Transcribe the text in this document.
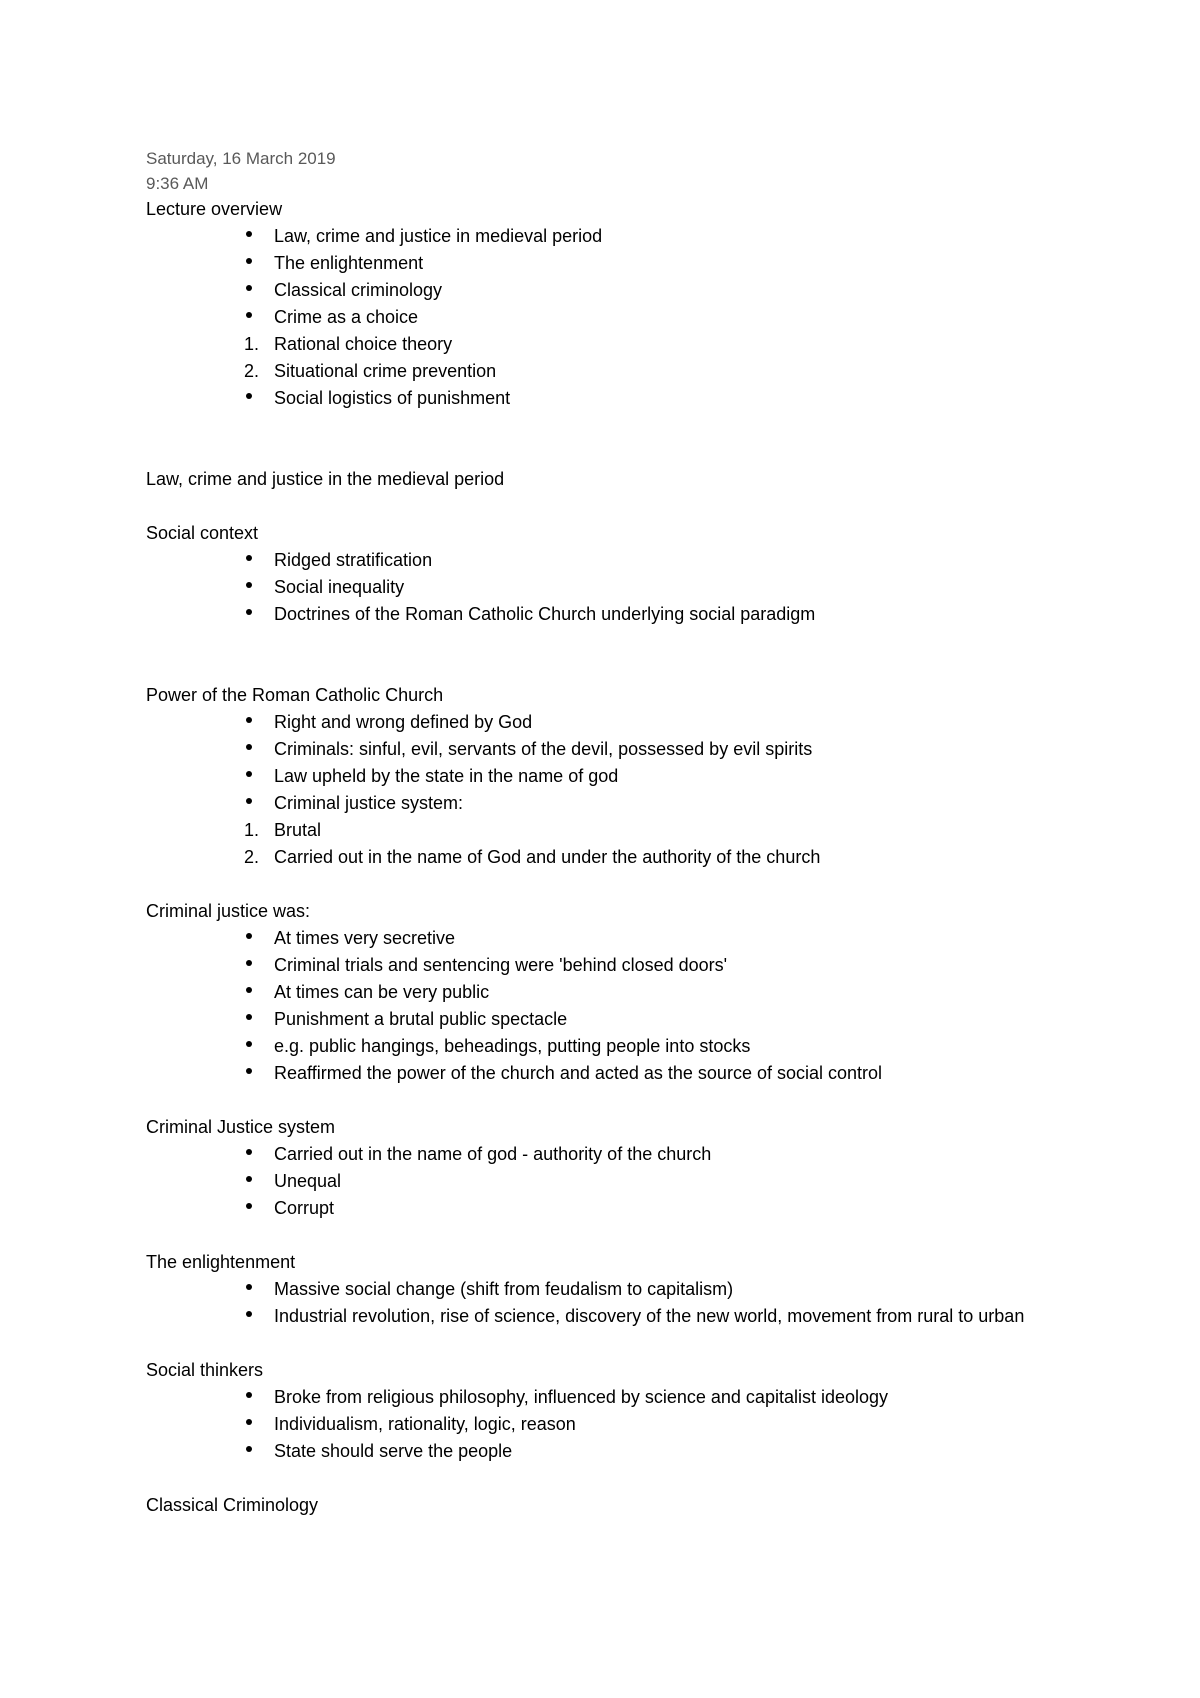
Saturday, 16 March 2019
9:36 AM
Lecture overview
Law, crime and justice in medieval period
The enlightenment
Classical criminology
Crime as a choice
1. Rational choice theory
2. Situational crime prevention
Social logistics of punishment
Law, crime and justice in the medieval period
Social context
Ridged stratification
Social inequality
Doctrines of the Roman Catholic Church underlying social paradigm
Power of the Roman Catholic Church
Right and wrong defined by God
Criminals: sinful, evil, servants of the devil, possessed by evil spirits
Law upheld by the state in the name of god
Criminal justice system:
1. Brutal
2. Carried out in the name of God and under the authority of the church
Criminal justice was:
At times very secretive
Criminal trials and sentencing were 'behind closed doors'
At times can be very public
Punishment a brutal public spectacle
e.g. public hangings, beheadings, putting people into stocks
Reaffirmed the power of the church and acted as the source of social control
Criminal Justice system
Carried out in the name of god - authority of the church
Unequal
Corrupt
The enlightenment
Massive social change (shift from feudalism to capitalism)
Industrial revolution, rise of science, discovery of the new world, movement from rural to urban
Social thinkers
Broke from religious philosophy, influenced by science and capitalist ideology
Individualism, rationality, logic, reason
State should serve the people
Classical Criminology
